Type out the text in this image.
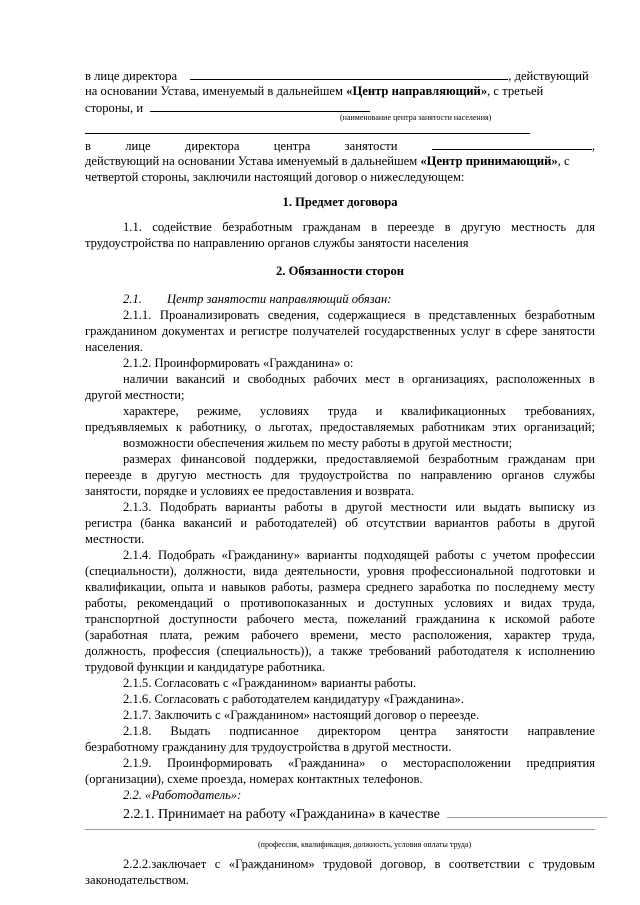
в лице директора	, действующий
на основании Устава, именуемый в дальнейшем «Центр направляющий», с третьей
стороны, и
(наименование центра занятости населения)
в	лице	директора	центра	занятости	,
действующий на основании Устава именуемый в дальнейшем «Центр принимающий», с
четвертой стороны, заключили настоящий договор о нижеследующем:
1. Предмет договора
1.1. содействие безработным гражданам в переезде в другую местность для
трудоустройства по направлению органов службы занятости населения
2. Обязанности сторон
2.1. Центр занятости направляющий обязан:
2.1.1. Проанализировать сведения, содержащиеся в представленных безработным
гражданином документах и регистре получателей государственных услуг в сфере занятости
населения.
2.1.2. Проинформировать «Гражданина» о:
наличии вакансий и свободных рабочих мест в организациях, расположенных в
другой местности;
характере, режиме, условиях труда и квалификационных требованиях,
предъявляемых к работнику, о льготах, предоставляемых работникам этих организаций;
возможности обеспечения жильем по месту работы в другой местности;
размерах финансовой поддержки, предоставляемой безработным гражданам при
переезде в другую местность для трудоустройства по направлению органов службы
занятости, порядке и условиях ее предоставления и возврата.
2.1.3. Подобрать варианты работы в другой местности или выдать выписку из
регистра (банка вакансий и работодателей) об отсутствии вариантов работы в другой
местности.
2.1.4. Подобрать «Гражданину» варианты подходящей работы с учетом профессии
(специальности), должности, вида деятельности, уровня профессиональной подготовки и
квалификации, опыта и навыков работы, размера среднего заработка по последнему месту
работы, рекомендаций о противопоказанных и доступных условиях и видах труда,
транспортной доступности рабочего места, пожеланий гражданина к искомой работе
(заработная плата, режим рабочего времени, место расположения, характер труда,
должность, профессия (специальность)), а также требований работодателя к исполнению
трудовой функции и кандидатуре работника.
2.1.5. Согласовать с «Гражданином» варианты работы.
2.1.6. Согласовать с работодателем кандидатуру «Гражданина».
2.1.7. Заключить с «Гражданином» настоящий договор о переезде.
2.1.8. Выдать подписанное директором центра занятости направление
безработному гражданину для трудоустройства в другой местности.
2.1.9. Проинформировать «Гражданина» о месторасположении предприятия
(организации), схеме проезда, номерах контактных телефонов.
2.2. «Работодатель»:
2.2.1. Принимает на работу «Гражданина» в качестве
(профессия, квалификация, должность, условия оплаты труда)
2.2.2.заключает с «Гражданином» трудовой договор, в соответствии с трудовым
законодательством.
